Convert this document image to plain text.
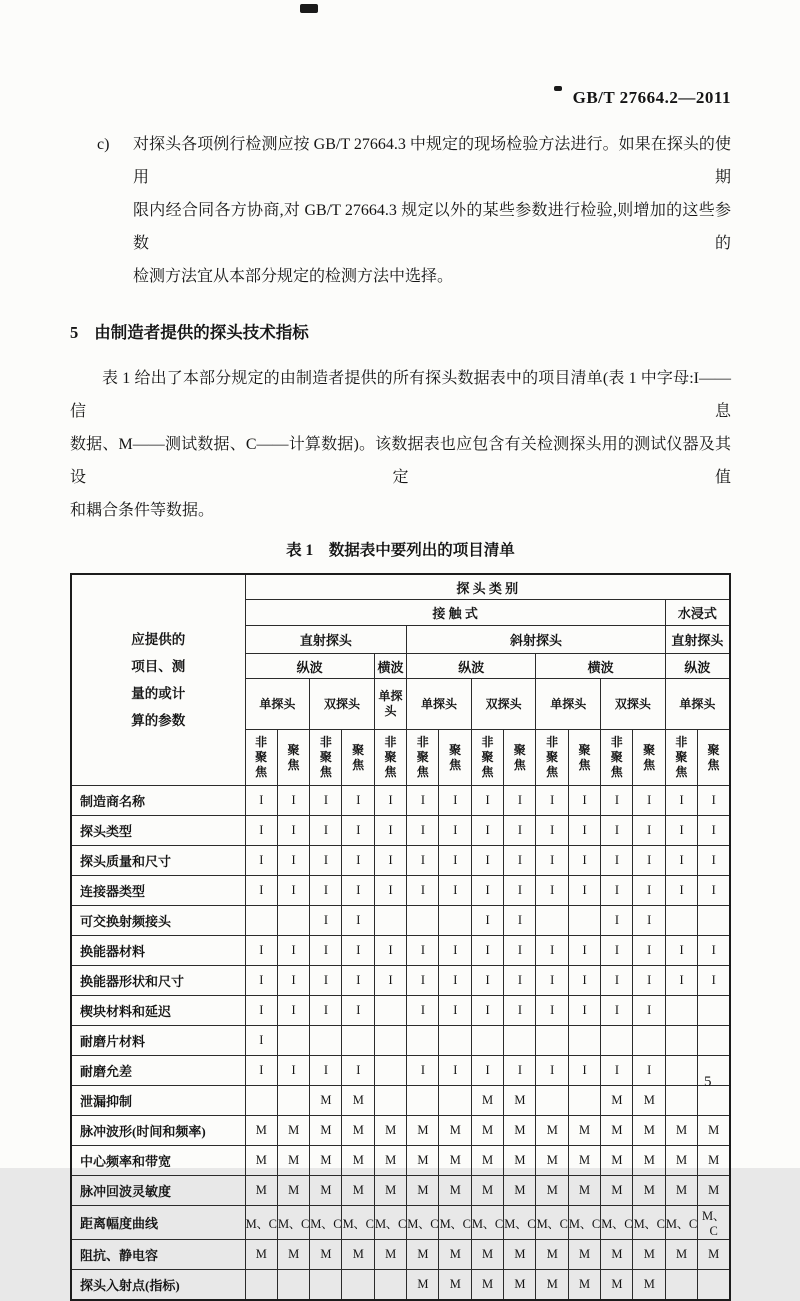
GB/T 27664.2—2011
c)	对探头各项例行检测应按 GB/T 27664.3 中规定的现场检验方法进行。如果在探头的使用期
限内经合同各方协商,对 GB/T 27664.3 规定以外的某些参数进行检验,则增加的这些参数的
检测方法宜从本部分规定的检测方法中选择。
5 由制造者提供的探头技术指标
表 1 给出了本部分规定的由制造者提供的所有探头数据表中的项目清单(表 1 中字母:I——信息
数据、M——测试数据、C——计算数据)。该数据表也应包含有关检测探头用的测试仪器及其设定值
和耦合条件等数据。
表 1　数据表中要列出的项目清单
应提供的
项目、测
量的或计
算的参数	探 头 类 别														
	接 触 式													水浸式	
	直射探头					斜射探头								直射探头	
	纵波				横波	纵波				横波				纵波	
	单探头		双探头		单探头	单探头		双探头		单探头		双探头		单探头	

	非聚焦	聚焦	非聚焦	聚焦	非聚焦	非聚焦	聚焦	非聚焦	聚焦	非聚焦	聚焦	非聚焦	聚焦	非聚焦	聚焦

制造商名称	I	I	I	I	I	I	I	I	I	I	I	I	I	I	I
探头类型	I	I	I	I	I	I	I	I	I	I	I	I	I	I	I
探头质量和尺寸	I	I	I	I	I	I	I	I	I	I	I	I	I	I	I
连接器类型	I	I	I	I	I	I	I	I	I	I	I	I	I	I	I
可交换射频接头			I	I				I	I			I	I		
换能器材料	I	I	I	I	I	I	I	I	I	I	I	I	I	I	I
换能器形状和尺寸	I	I	I	I	I	I	I	I	I	I	I	I	I	I	I
楔块材料和延迟	I	I	I	I		I	I	I	I	I	I	I	I		
耐磨片材料	I														
耐磨允差	I	I	I	I		I	I	I	I	I	I	I	I		
泄漏抑制			M	M				M	M			M	M		
脉冲波形(时间和频率)	M	M	M	M	M	M	M	M	M	M	M	M	M	M	M
中心频率和带宽	M	M	M	M	M	M	M	M	M	M	M	M	M	M	M
脉冲回波灵敏度	M	M	M	M	M	M	M	M	M	M	M	M	M	M	M
距离幅度曲线	M、C	M、C	M、C	M、C	M、C	M、C	M、C	M、C	M、C	M、C	M、C	M、C	M、C	M、C	M、C
阻抗、静电容	M	M	M	M	M	M	M	M	M	M	M	M	M	M	M
探头入射点(指标)						M	M	M	M	M	M	M	M		
5
